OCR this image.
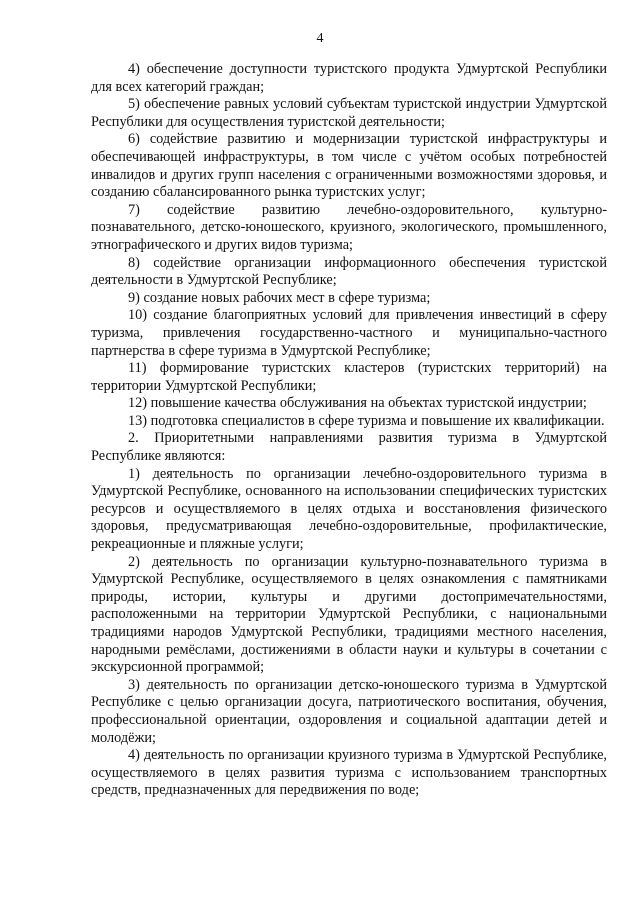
4

4) обеспечение доступности туристского продукта Удмуртской Республики для всех категорий граждан;

5) обеспечение равных условий субъектам туристской индустрии Удмуртской Республики для осуществления туристской деятельности;

6) содействие развитию и модернизации туристской инфраструктуры и обеспечивающей инфраструктуры, в том числе с учётом особых потребностей инвалидов и других групп населения с ограниченными возможностями здоровья, и созданию сбалансированного рынка туристских услуг;

7) содействие развитию лечебно-оздоровительного, культурно-познавательного, детско-юношеского, круизного, экологического, промышленного, этнографического и других видов туризма;

8) содействие организации информационного обеспечения туристской деятельности в Удмуртской Республике;

9) создание новых рабочих мест в сфере туризма;

10) создание благоприятных условий для привлечения инвестиций в сферу туризма, привлечения государственно-частного и муниципально-частного партнерства в сфере туризма в Удмуртской Республике;

11) формирование туристских кластеров (туристских территорий) на территории Удмуртской Республики;

12) повышение качества обслуживания на объектах туристской индустрии;

13) подготовка специалистов в сфере туризма и повышение их квалификации.

2. Приоритетными направлениями развития туризма в Удмуртской Республике являются:

1) деятельность по организации лечебно-оздоровительного туризма в Удмуртской Республике, основанного на использовании специфических туристских ресурсов и осуществляемого в целях отдыха и восстановления физического здоровья, предусматривающая лечебно-оздоровительные, профилактические, рекреационные и пляжные услуги;

2) деятельность по организации культурно-познавательного туризма в Удмуртской Республике, осуществляемого в целях ознакомления с памятниками природы, истории, культуры и другими достопримечательностями, расположенными на территории Удмуртской Республики, с национальными традициями народов Удмуртской Республики, традициями местного населения, народными ремёслами, достижениями в области науки и культуры в сочетании с экскурсионной программой;

3) деятельность по организации детско-юношеского туризма в Удмуртской Республике с целью организации досуга, патриотического воспитания, обучения, профессиональной ориентации, оздоровления и социальной адаптации детей и молодёжи;

4) деятельность по организации круизного туризма в Удмуртской Республике, осуществляемого в целях развития туризма с использованием транспортных средств, предназначенных для передвижения по воде;
